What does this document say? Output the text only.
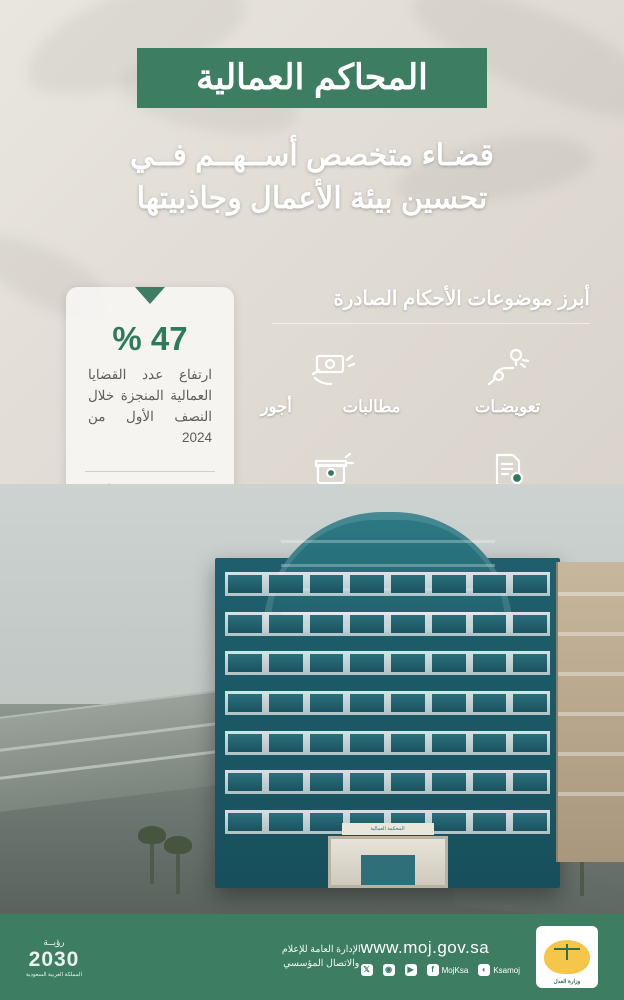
المحاكم العمالية
قضـاء متخصص أســهــم فــي
تحسين بيئة الأعمال وجاذبيتها
47 %
ارتفاع عدد القضايا العمالية المنجزة خلال النصف الأول من 2024
أبرز موضوعات الأحكام الصادرة
تعويضـات
مطالبات أجور
المحكمة العمالية
وزارة العدل
www.moj.gov.sa
𝕏	◉	▶	f MojKsa	◐ Ksamoj
الإدارة العامة للإعلام
والاتصال المؤسسي
رؤيــة
2030
المملكة العربية السعودية
